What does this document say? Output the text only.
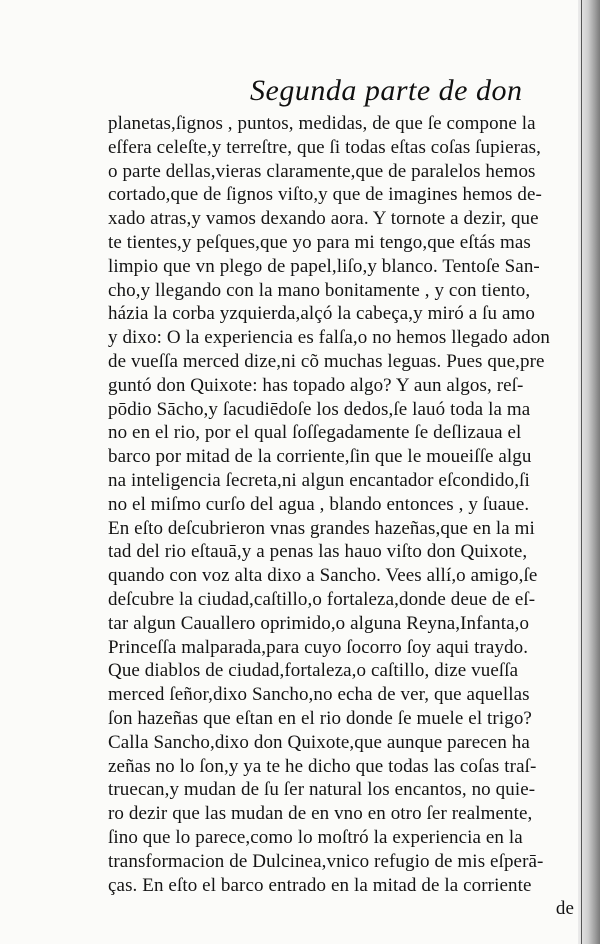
Segunda parte de don
planetas,ſignos , puntos, medidas, de que ſe compone la
eſfera celeſte,y terreſtre, que ſi todas eſtas coſas ſupieras,
o parte dellas,vieras claramente,que de paralelos hemos
cortado,que de ſignos viſto,y que de imagines hemos de-
xado atras,y vamos dexando aora. Y tornote a dezir, que
te tientes,y peſques,que yo para mi tengo,que eſtás mas
limpio que vn plego de papel,liſo,y blanco. Tentoſe San-
cho,y llegando con la mano bonitamente , y con tiento,
házia la corba yzquierda,alçó la cabeça,y miró a ſu amo
y dixo: O la experiencia es falſa,o no hemos llegado adon
de vueſſa merced dize,ni cõ muchas leguas. Pues que,pre
guntó don Quixote: has topado algo? Y aun algos, reſ-
pōdio Sācho,y ſacudiēdoſe los dedos,ſe lauó toda la ma
no en el rio, por el qual ſoſſegadamente ſe deſlizaua el
barco por mitad de la corriente,ſin que le moueiſſe algu
na inteligencia ſecreta,ni algun encantador eſcondido,ſi
no el miſmo curſo del agua , blando entonces , y ſuaue.
En eſto deſcubrieron vnas grandes hazeñas,que en la mi
tad del rio eſtauā,y a penas las hauo viſto don Quixote,
quando con voz alta dixo a Sancho. Vees allí,o amigo,ſe
deſcubre la ciudad,caſtillo,o fortaleza,donde deue de eſ-
tar algun Cauallero oprimido,o alguna Reyna,Infanta,o
Princeſſa malparada,para cuyo ſocorro ſoy aqui traydo.
Que diablos de ciudad,fortaleza,o caſtillo, dize vueſſa
merced ſeñor,dixo Sancho,no echa de ver, que aquellas
ſon hazeñas que eſtan en el rio donde ſe muele el trigo?
Calla Sancho,dixo don Quixote,que aunque parecen ha
zeñas no lo ſon,y ya te he dicho que todas las coſas traſ-
truecan,y mudan de ſu ſer natural los encantos, no quie-
ro dezir que las mudan de en vno en otro ſer realmente,
ſino que lo parece,como lo moſtró la experiencia en la
transformacion de Dulcinea,vnico refugio de mis eſperā-
ças. En eſto el barco entrado en la mitad de la corriente
de
